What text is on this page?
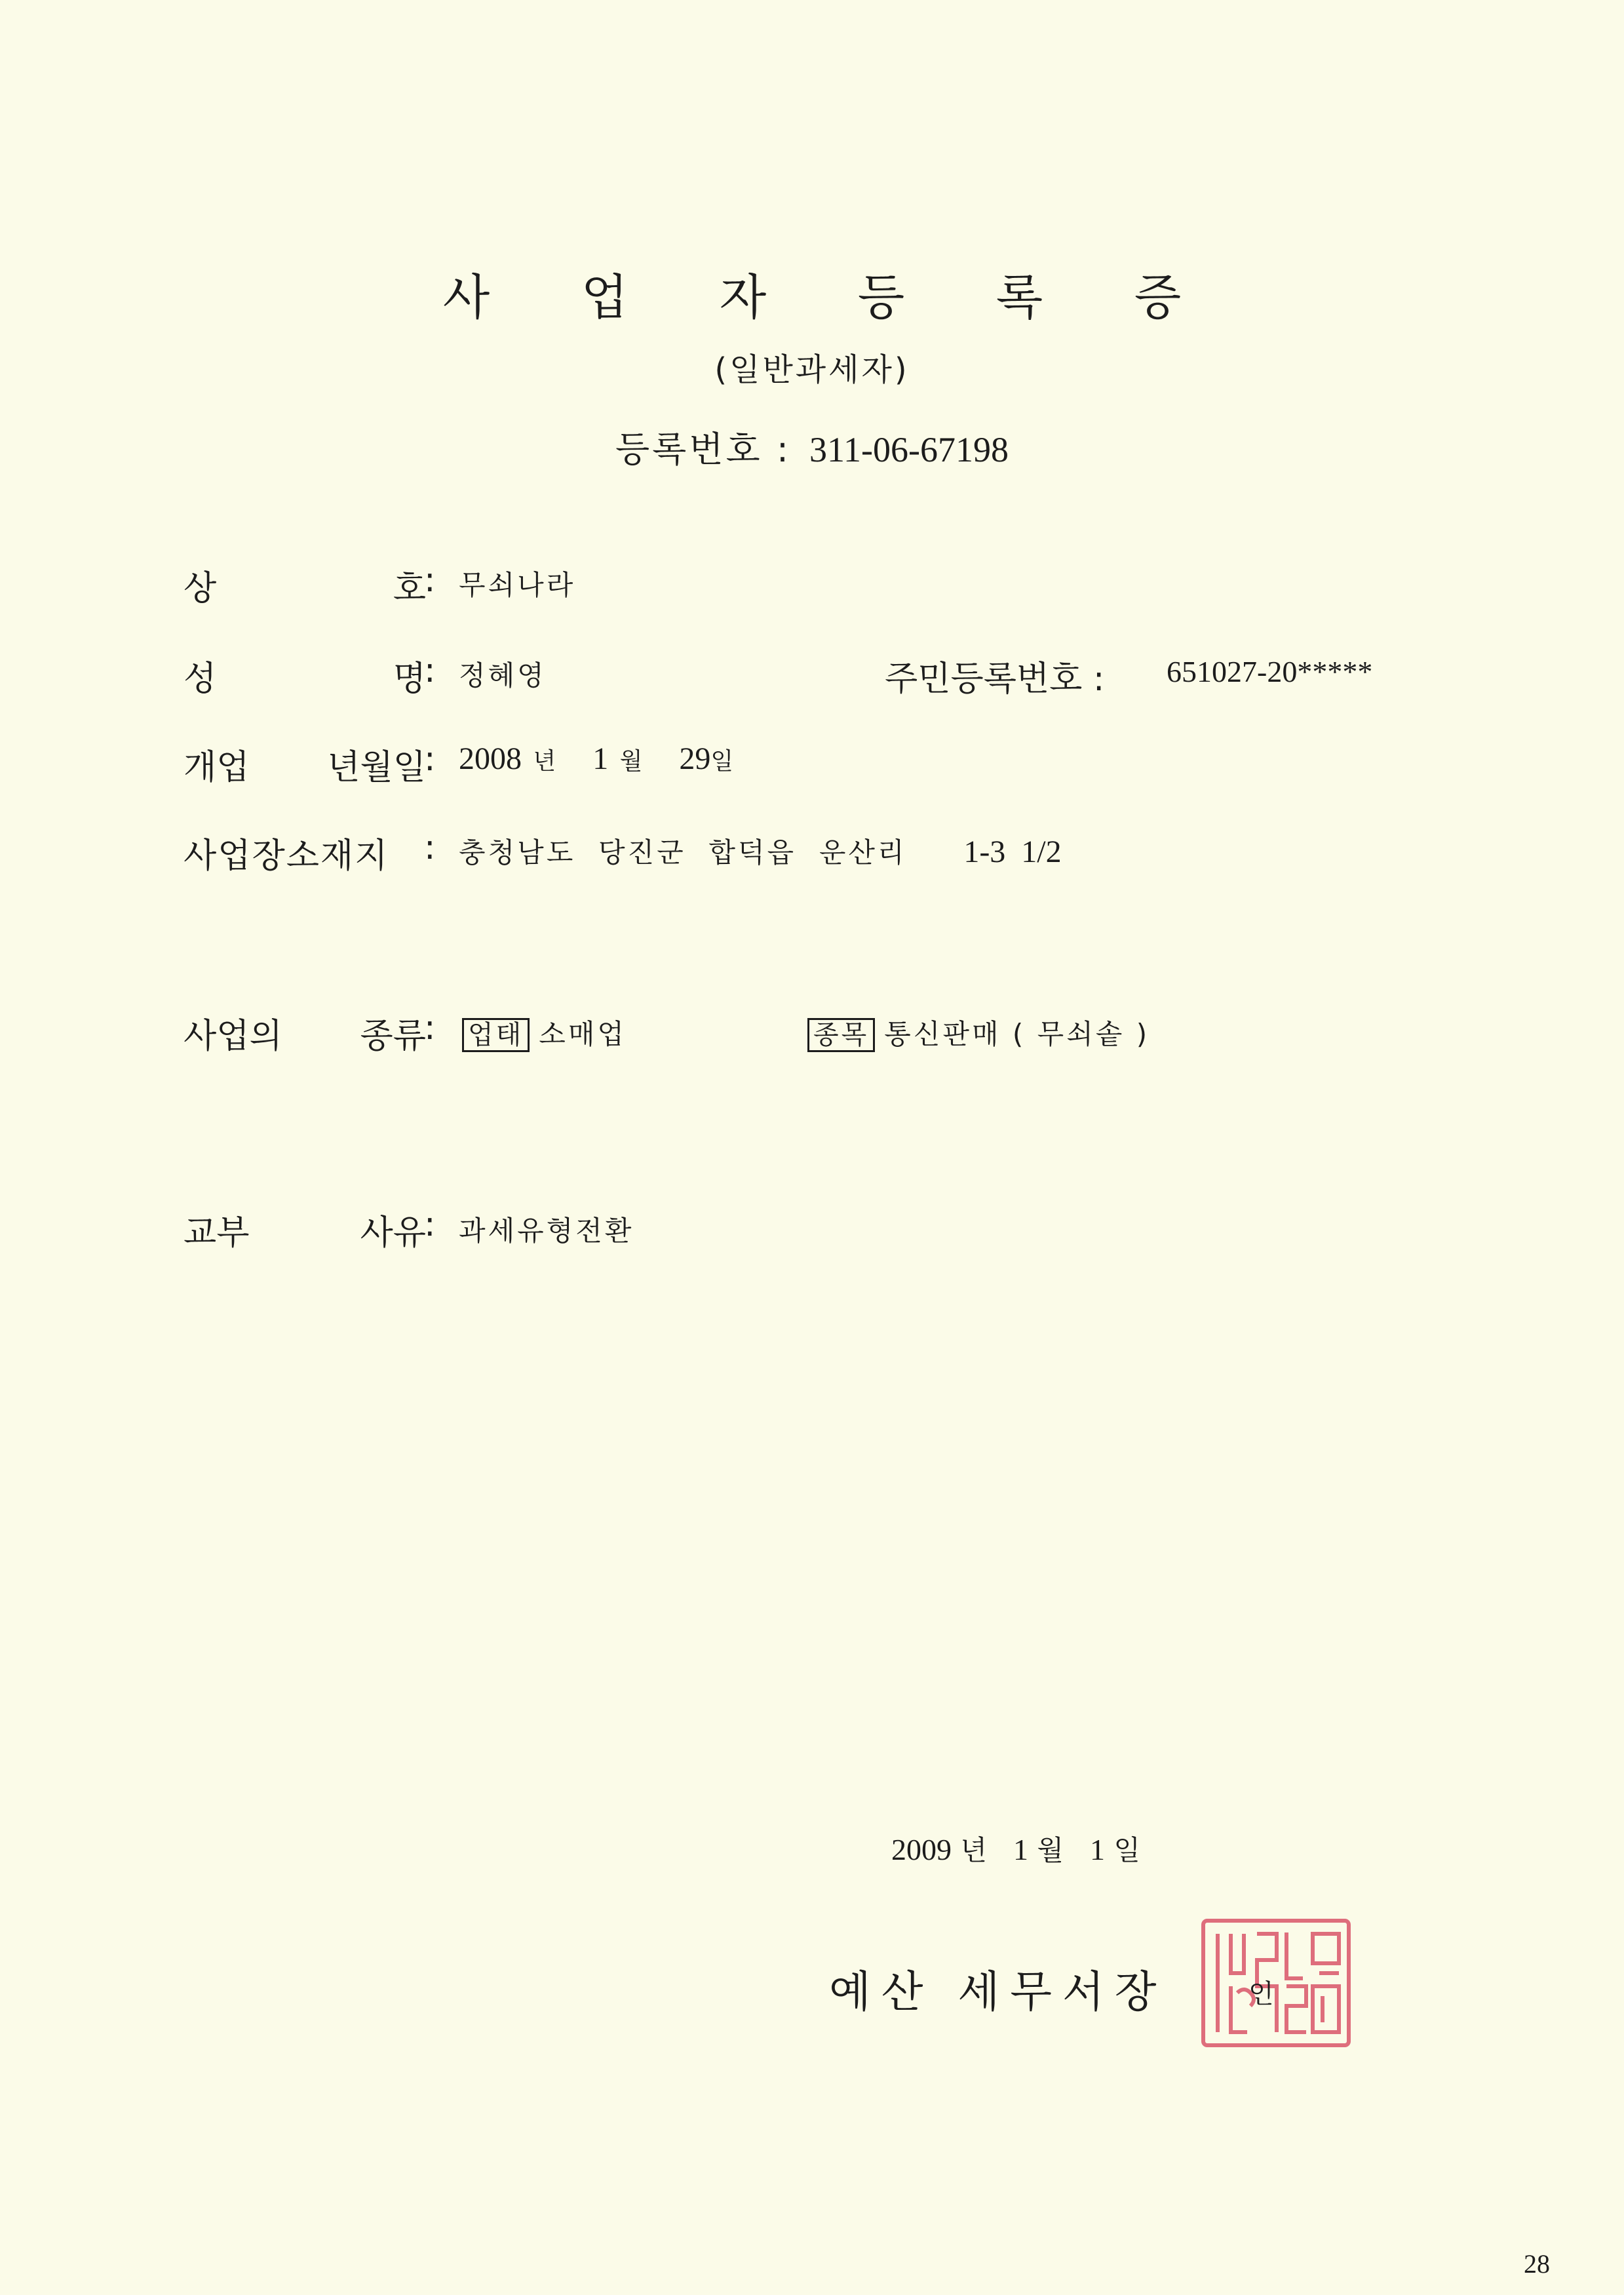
사 업 자 등 록 증
(일반과세자)
등록번호 : 311-06-67198
상	호
: 무쇠나라
성	명
: 정혜영	주민등록번호 : 651027-20*****
개업 년월일
: 2008 년 1 월 29일
사업장소재지 : 충청남도  당진군  합덕읍  운산리 1-3  1/2
사업의 종류
: 업태 소매업	종목 통신판매 ( 무쇠솥 )
교부	사유
: 과세유형전환
2009 년 1 월 1 일
예산 세무서장	인
28
